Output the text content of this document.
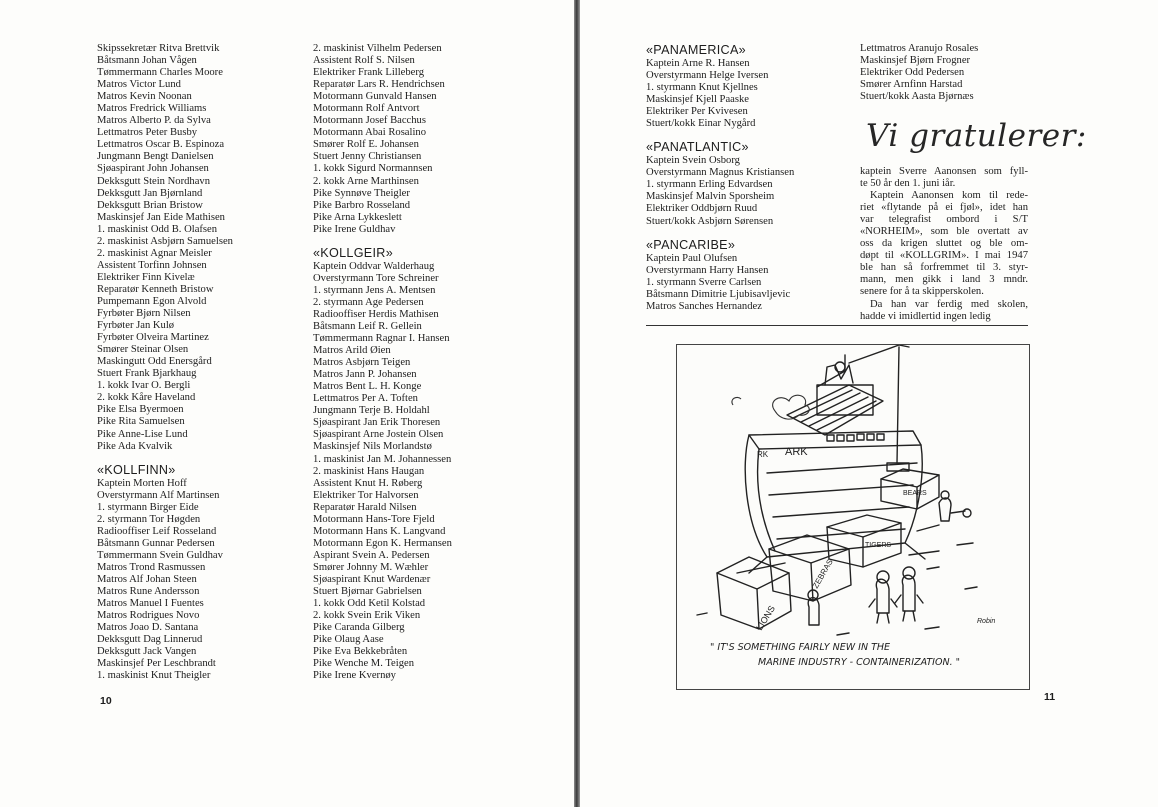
Skipssekretær Ritva Brettvik
Båtsmann Johan Vågen
Tømmermann Charles Moore
Matros Victor Lund
Matros Kevin Noonan
Matros Fredrick Williams
Matros Alberto P. da Sylva
Lettmatros Peter Busby
Lettmatros Oscar B. Espinoza
Jungmann Bengt Danielsen
Sjøaspirant John Johansen
Dekksgutt Stein Nordhavn
Dekksgutt Jan Bjørnland
Dekksgutt Brian Bristow
Maskinsjef Jan Eide Mathisen
1. maskinist Odd B. Olafsen
2. maskinist Asbjørn Samuelsen
2. maskinist Agnar Meisler
Assistent Torfinn Johnsen
Elektriker Finn Kivelæ
Reparatør Kenneth Bristow
Pumpemann Egon Alvold
Fyrbøter Bjørn Nilsen
Fyrbøter Jan Kulø
Fyrbøter Olveira Martinez
Smører Steinar Olsen
Maskingutt Odd Enersgård
Stuert Frank Bjarkhaug
1. kokk Ivar O. Bergli
2. kokk Kåre Haveland
Pike Elsa Byermoen
Pike Rita Samuelsen
Pike Anne-Lise Lund
Pike Ada Kvalvik
«KOLLFINN»
Kaptein Morten Hoff
Overstyrmann Alf Martinsen
1. styrmann Birger Eide
2. styrmann Tor Høgden
Radiooffiser Leif Rosseland
Båtsmann Gunnar Pedersen
Tømmermann Svein Guldhav
Matros Trond Rasmussen
Matros Alf Johan Steen
Matros Rune Andersson
Matros Manuel I Fuentes
Matros Rodrigues Novo
Matros Joao D. Santana
Dekksgutt Dag Linnerud
Dekksgutt Jack Vangen
Maskinsjef Per Leschbrandt
1. maskinist Knut Theigler
2. maskinist Vilhelm Pedersen
Assistent Rolf S. Nilsen
Elektriker Frank Lilleberg
Reparatør Lars R. Hendrichsen
Motormann Gunvald Hansen
Motormann Rolf Antvort
Motormann Josef Bacchus
Motormann Abai Rosalino
Smører Rolf E. Johansen
Stuert Jenny Christiansen
1. kokk Sigurd Normannsen
2. kokk Arne Marthinsen
Pike Synnøve Theigler
Pike Barbro Rosseland
Pike Arna Lykkeslett
Pike Irene Guldhav
«KOLLGEIR»
Kaptein Oddvar Walderhaug
Overstyrmann Tore Schreiner
1. styrmann Jens A. Mentsen
2. styrmann Age Pedersen
Radiooffiser Herdis Mathisen
Båtsmann Leif R. Gellein
Tømmermann Ragnar I. Hansen
Matros Arild Øien
Matros Asbjørn Teigen
Matros Jann P. Johansen
Matros Bent L. H. Konge
Lettmatros Per A. Toften
Jungmann Terje B. Holdahl
Sjøaspirant Jan Erik Thoresen
Sjøaspirant Arne Jostein Olsen
Maskinsjef Nils Morlandstø
1. maskinist Jan M. Johannessen
2. maskinist Hans Haugan
Assistent Knut H. Røberg
Elektriker Tor Halvorsen
Reparatør Harald Nilsen
Motormann Hans-Tore Fjeld
Motormann Hans K. Langvand
Motormann Egon K. Hermansen
Aspirant Svein A. Pedersen
Smører Johnny M. Wæhler
Sjøaspirant Knut Wardenær
Stuert Bjørnar Gabrielsen
1. kokk Odd Ketil Kolstad
2. kokk Svein Erik Viken
Pike Caranda Gilberg
Pike Olaug Aase
Pike Eva Bekkebråten
Pike Wenche M. Teigen
Pike Irene Kvernøy
10
«PANAMERICA»
Kaptein Arne R. Hansen
Overstyrmann Helge Iversen
1. styrmann Knut Kjellnes
Maskinsjef Kjell Paaske
Elektriker Per Kvivesen
Stuert/kokk Einar Nygård
«PANATLANTIC»
Kaptein Svein Osborg
Overstyrmann Magnus Kristiansen
1. styrmann Erling Edvardsen
Maskinsjef Malvin Sporsheim
Elektriker Oddbjørn Ruud
Stuert/kokk Asbjørn Sørensen
«PANCARIBE»
Kaptein Paul Olufsen
Overstyrmann Harry Hansen
1. styrmann Sverre Carlsen
Båtsmann Dimitrie Ljubisavljevic
Matros Sanches Hernandez
Lettmatros Aranujo Rosales
Maskinsjef Bjørn Frogner
Elektriker Odd Pedersen
Smører Arnfinn Harstad
Stuert/kokk Aasta Bjørnæs
Vi gratulerer:
kaptein Sverre Aanonsen som fyll-
te 50 år den 1. juni iår.
Kaptein Aanonsen kom til rede-
riet «flytande på ei fjøl», idet han
var telegrafist ombord i S/T
«NORHEIM», som ble overtatt av
oss da krigen sluttet og ble om-
døpt til «KOLLGRIM». I mai 1947
ble han så forfremmet til 3. styr-
mann, men gikk i land 3 mndr.
senere for å ta skipperskolen.
Da han var ferdig med skolen,
hadde vi imidlertid ingen ledig
ARK
RK
BEARS
TIGERS
ZEBRAS
LIONS	Robin
" IT'S SOMETHING FAIRLY NEW IN THE
MARINE INDUSTRY - CONTAINERIZATION. "
11
